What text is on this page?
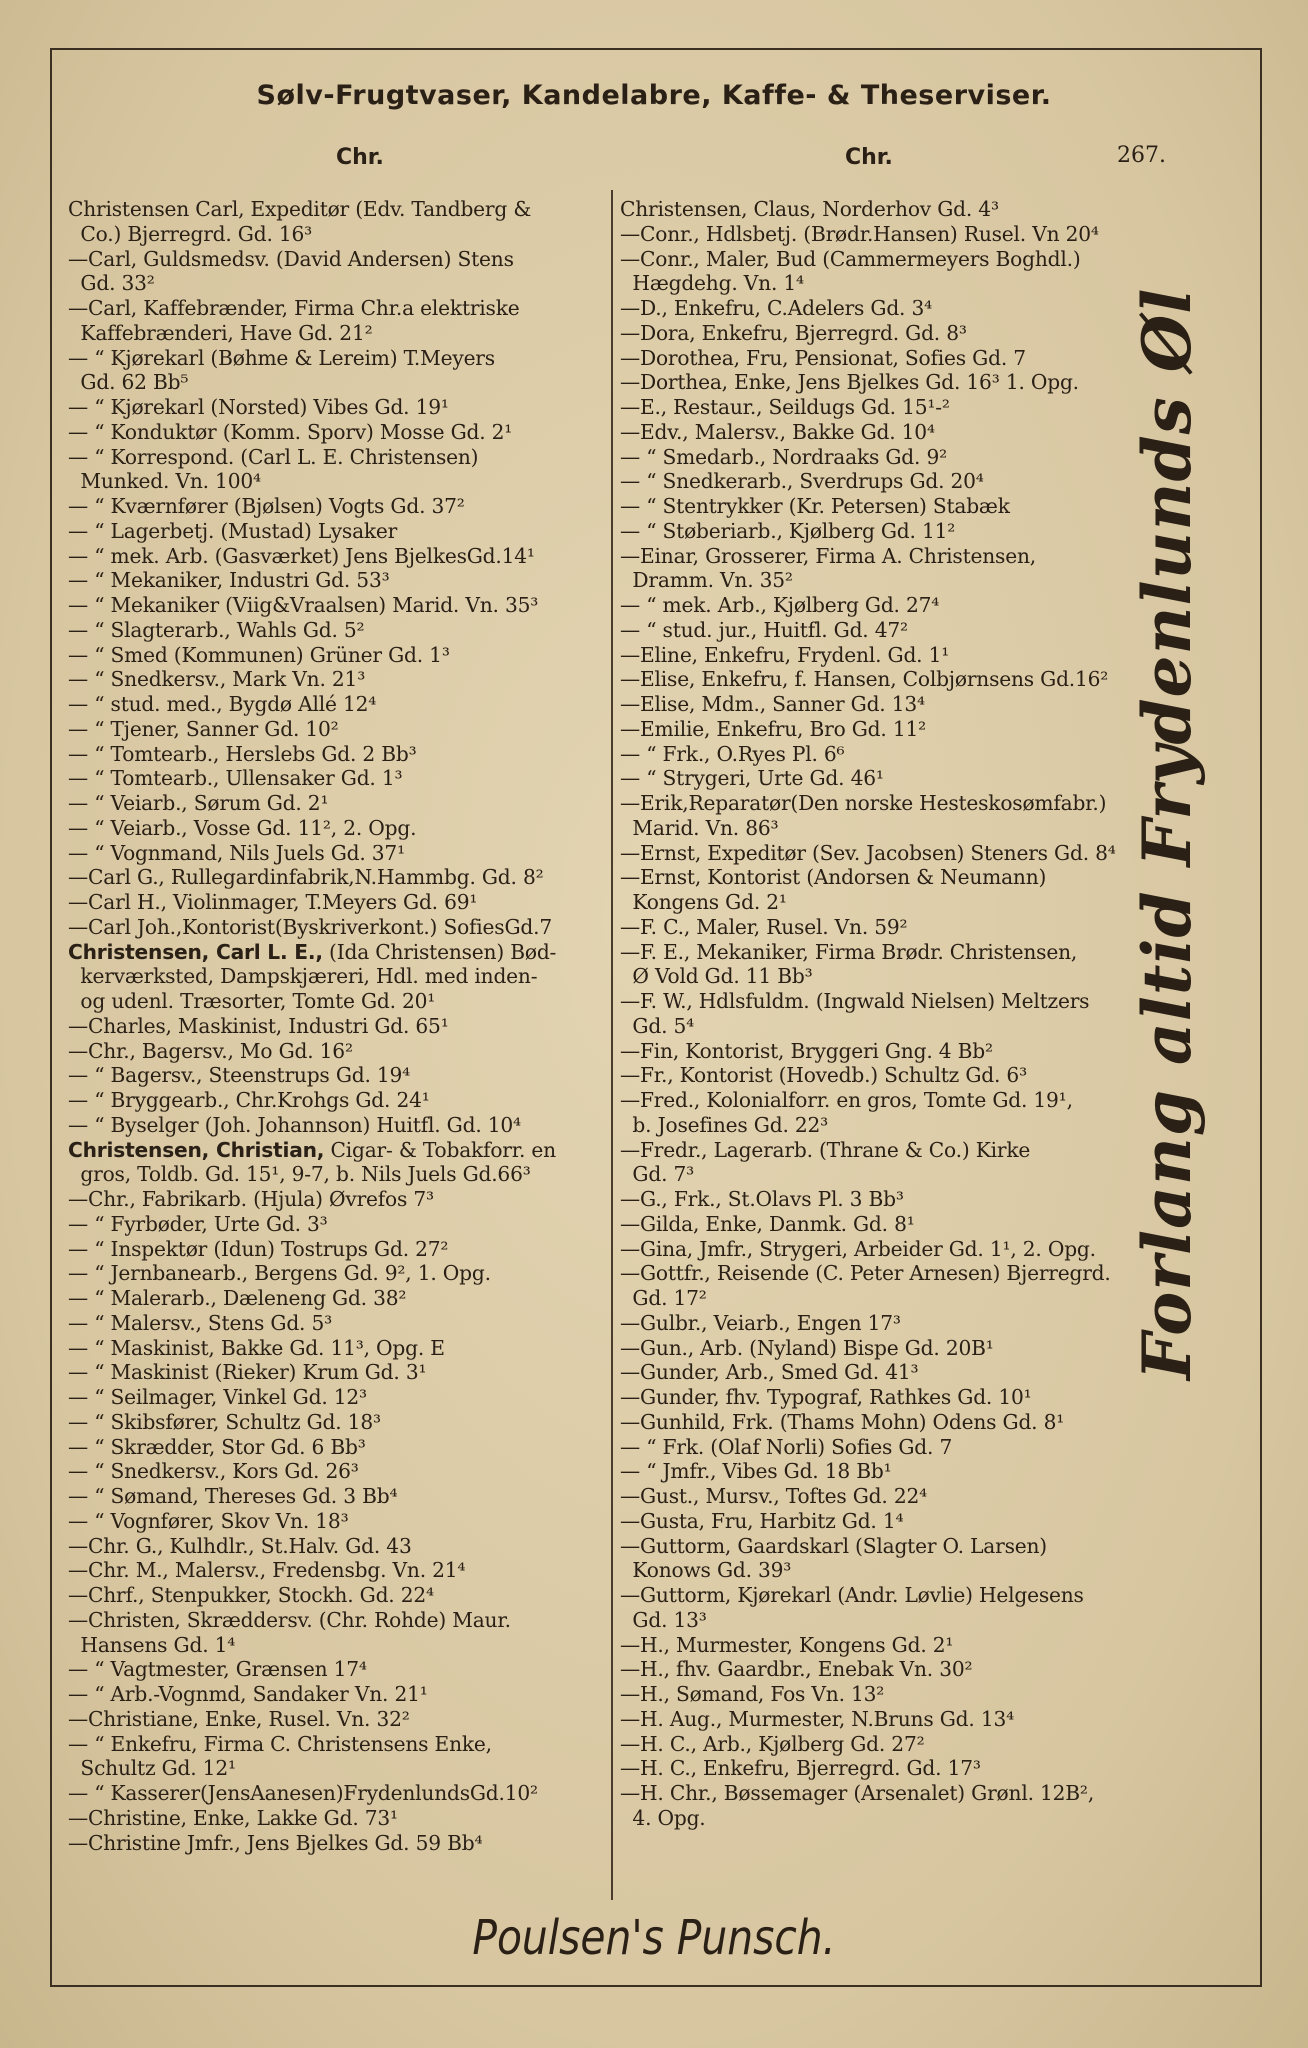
Sølv-Frugtvaser, Kandelabre, Kaffe- & Theserviser.
Chr.	Chr.	267.
Christensen Carl, Expeditør (Edv. Tandberg &
Co.) Bjerregrd. Gd. 16³
—Carl, Guldsmedsv. (David Andersen) Stens
Gd. 33²
—Carl, Kaffebrænder, Firma Chr.a elektriske
Kaffebrænderi, Have Gd. 21²
— “ Kjørekarl (Bøhme & Lereim) T.Meyers
Gd. 62 Bb⁵
— “ Kjørekarl (Norsted) Vibes Gd. 19¹
— “ Konduktør (Komm. Sporv) Mosse Gd. 2¹
— “ Korrespond. (Carl L. E. Christensen)
Munked. Vn. 100⁴
— “ Kværnfører (Bjølsen) Vogts Gd. 37²
— “ Lagerbetj. (Mustad) Lysaker
— “ mek. Arb. (Gasværket) Jens BjelkesGd.14¹
— “ Mekaniker, Industri Gd. 53³
— “ Mekaniker (Viig&Vraalsen) Marid. Vn. 35³
— “ Slagterarb., Wahls Gd. 5²
— “ Smed (Kommunen) Grüner Gd. 1³
— “ Snedkersv., Mark Vn. 21³
— “ stud. med., Bygdø Allé 12⁴
— “ Tjener, Sanner Gd. 10²
— “ Tomtearb., Herslebs Gd. 2 Bb³
— “ Tomtearb., Ullensaker Gd. 1³
— “ Veiarb., Sørum Gd. 2¹
— “ Veiarb., Vosse Gd. 11², 2. Opg.
— “ Vognmand, Nils Juels Gd. 37¹
—Carl G., Rullegardinfabrik,N.Hammbg. Gd. 8²
—Carl H., Violinmager, T.Meyers Gd. 69¹
—Carl Joh.,Kontorist(Byskriverkont.) SofiesGd.7
Christensen, Carl L. E., (Ida Christensen) Bød-
kerværksted, Dampskjæreri, Hdl. med inden-
og udenl. Træsorter, Tomte Gd. 20¹
—Charles, Maskinist, Industri Gd. 65¹
—Chr., Bagersv., Mo Gd. 16²
— “ Bagersv., Steenstrups Gd. 19⁴
— “ Bryggearb., Chr.Krohgs Gd. 24¹
— “ Byselger (Joh. Johannson) Huitfl. Gd. 10⁴
Christensen, Christian, Cigar- & Tobakforr. en
gros, Toldb. Gd. 15¹, 9-7, b. Nils Juels Gd.66³
—Chr., Fabrikarb. (Hjula) Øvrefos 7³
— “ Fyrbøder, Urte Gd. 3³
— “ Inspektør (Idun) Tostrups Gd. 27²
— “ Jernbanearb., Bergens Gd. 9², 1. Opg.
— “ Malerarb., Dæleneng Gd. 38²
— “ Malersv., Stens Gd. 5³
— “ Maskinist, Bakke Gd. 11³, Opg. E
— “ Maskinist (Rieker) Krum Gd. 3¹
— “ Seilmager, Vinkel Gd. 12³
— “ Skibsfører, Schultz Gd. 18³
— “ Skrædder, Stor Gd. 6 Bb³
— “ Snedkersv., Kors Gd. 26³
— “ Sømand, Thereses Gd. 3 Bb⁴
— “ Vognfører, Skov Vn. 18³
—Chr. G., Kulhdlr., St.Halv. Gd. 43
—Chr. M., Malersv., Fredensbg. Vn. 21⁴
—Chrf., Stenpukker, Stockh. Gd. 22⁴
—Christen, Skræddersv. (Chr. Rohde) Maur.
Hansens Gd. 1⁴
— “ Vagtmester, Grænsen 17⁴
— “ Arb.-Vognmd, Sandaker Vn. 21¹
—Christiane, Enke, Rusel. Vn. 32²
— “ Enkefru, Firma C. Christensens Enke,
Schultz Gd. 12¹
— “ Kasserer(JensAanesen)FrydenlundsGd.10²
—Christine, Enke, Lakke Gd. 73¹
—Christine Jmfr., Jens Bjelkes Gd. 59 Bb⁴
Christensen, Claus, Norderhov Gd. 4³
—Conr., Hdlsbetj. (Brødr.Hansen) Rusel. Vn 20⁴
—Conr., Maler, Bud (Cammermeyers Boghdl.)
Hægdehg. Vn. 1⁴
—D., Enkefru, C.Adelers Gd. 3⁴
—Dora, Enkefru, Bjerregrd. Gd. 8³
—Dorothea, Fru, Pensionat, Sofies Gd. 7
—Dorthea, Enke, Jens Bjelkes Gd. 16³ 1. Opg.
—E., Restaur., Seildugs Gd. 15¹-²
—Edv., Malersv., Bakke Gd. 10⁴
— “ Smedarb., Nordraaks Gd. 9²
— “ Snedkerarb., Sverdrups Gd. 20⁴
— “ Stentrykker (Kr. Petersen) Stabæk
— “ Støberiarb., Kjølberg Gd. 11²
—Einar, Grosserer, Firma A. Christensen,
Dramm. Vn. 35²
— “ mek. Arb., Kjølberg Gd. 27⁴
— “ stud. jur., Huitfl. Gd. 47²
—Eline, Enkefru, Frydenl. Gd. 1¹
—Elise, Enkefru, f. Hansen, Colbjørnsens Gd.16²
—Elise, Mdm., Sanner Gd. 13⁴
—Emilie, Enkefru, Bro Gd. 11²
— “ Frk., O.Ryes Pl. 6⁶
— “ Strygeri, Urte Gd. 46¹
—Erik,Reparatør(Den norske Hesteskosømfabr.)
Marid. Vn. 86³
—Ernst, Expeditør (Sev. Jacobsen) Steners Gd. 8⁴
—Ernst, Kontorist (Andorsen & Neumann)
Kongens Gd. 2¹
—F. C., Maler, Rusel. Vn. 59²
—F. E., Mekaniker, Firma Brødr. Christensen,
Ø Vold Gd. 11 Bb³
—F. W., Hdlsfuldm. (Ingwald Nielsen) Meltzers
Gd. 5⁴
—Fin, Kontorist, Bryggeri Gng. 4 Bb²
—Fr., Kontorist (Hovedb.) Schultz Gd. 6³
—Fred., Kolonialforr. en gros, Tomte Gd. 19¹,
b. Josefines Gd. 22³
—Fredr., Lagerarb. (Thrane & Co.) Kirke
Gd. 7³
—G., Frk., St.Olavs Pl. 3 Bb³
—Gilda, Enke, Danmk. Gd. 8¹
—Gina, Jmfr., Strygeri, Arbeider Gd. 1¹, 2. Opg.
—Gottfr., Reisende (C. Peter Arnesen) Bjerregrd.
Gd. 17²
—Gulbr., Veiarb., Engen 17³
—Gun., Arb. (Nyland) Bispe Gd. 20B¹
—Gunder, Arb., Smed Gd. 41³
—Gunder, fhv. Typograf, Rathkes Gd. 10¹
—Gunhild, Frk. (Thams Mohn) Odens Gd. 8¹
— “ Frk. (Olaf Norli) Sofies Gd. 7
— “ Jmfr., Vibes Gd. 18 Bb¹
—Gust., Mursv., Toftes Gd. 22⁴
—Gusta, Fru, Harbitz Gd. 1⁴
—Guttorm, Gaardskarl (Slagter O. Larsen)
Konows Gd. 39³
—Guttorm, Kjørekarl (Andr. Løvlie) Helgesens
Gd. 13³
—H., Murmester, Kongens Gd. 2¹
—H., fhv. Gaardbr., Enebak Vn. 30²
—H., Sømand, Fos Vn. 13²
—H. Aug., Murmester, N.Bruns Gd. 13⁴
—H. C., Arb., Kjølberg Gd. 27²
—H. C., Enkefru, Bjerregrd. Gd. 17³
—H. Chr., Bøssemager (Arsenalet) Grønl. 12B²,
4. Opg.
Forlang altid Frydenlunds Øl
Poulsen's Punsch.
